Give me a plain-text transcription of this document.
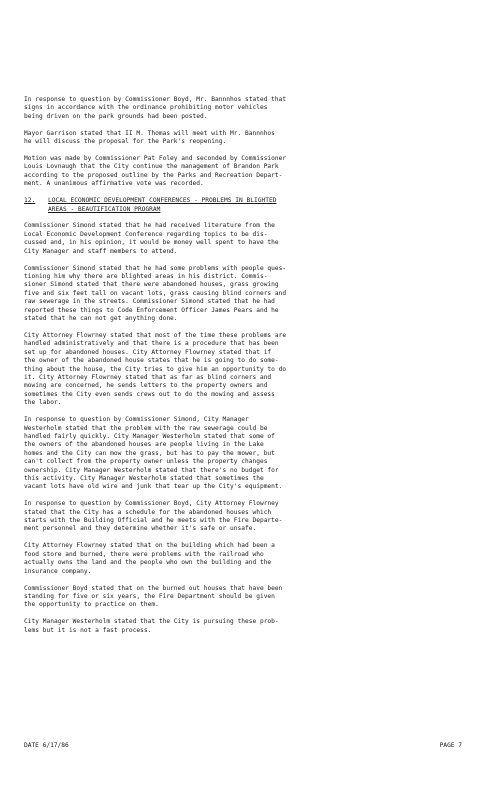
In response to question by Commissioner Boyd, Mr. Bannnhos stated that
signs in accordance with the ordinance prohibiting motor vehicles
being driven on the park grounds had been posted.

Mayor Garrison stated that II M. Thomas will meet with Mr. Bannnhos
he will discuss the proposal for the Park's reopening.

Motion was made by Commissioner Pat Foley and seconded by Commissioner
Louis Lovnaugh that the City continue the management of Brandon Park
according to the proposed outline by the Parks and Recreation Depart-
ment. A unanimous affirmative vote was recorded.

12.	LOCAL ECONOMIC DEVELOPMENT CONFERENCES - PROBLEMS IN BLIGHTED
AREAS - BEAUTIFICATION PROGRAM

Commissioner Simond stated that he had received literature from the
Local Economic Development Conference regarding topics to be dis-
cussed and, in his opinion, it would be money well spent to have the
City Manager and staff members to attend.

Commissioner Simond stated that he had some problems with people ques-
tioning him why there are blighted areas in his district. Commis-
sioner Simond stated that there were abandoned houses, grass growing
five and six feet tall on vacant lots, grass causing blind corners and
raw sewerage in the streets. Commissioner Simond stated that he had
reported these things to Code Enforcement Officer James Pears and he
stated that he can not get anything done.

City Attorney Flowrney stated that most of the time these problems are
handled administratively and that there is a procedure that has been
set up for abandoned houses. City Attorney Flowrney stated that if
the owner of the abandoned house states that he is going to do some-
thing about the house, the City tries to give him an opportunity to do
it. City Attorney Flowrney stated that as far as blind corners and
mowing are concerned, he sends letters to the property owners and
sometimes the City even sends crews out to do the mowing and assess
the labor.

In response to question by Commissioner Simond, City Manager
Westerholm stated that the problem with the raw sewerage could be
handled fairly quickly. City Manager Westerholm stated that some of
the owners of the abandoned houses are people living in the Lake
homes and the City can mow the grass, but has to pay the mower, but
can't collect from the property owner unless the property changes
ownership. City Manager Westerholm stated that there's no budget for
this activity. City Manager Westerholm stated that sometimes the
vacant lots have old wire and junk that tear up the City's equipment.

In response to question by Commissioner Boyd, City Attorney Flowrney
stated that the City has a schedule for the abandoned houses which
starts with the Building Official and he meets with the Fire Departe-
ment personnel and they determine whether it's safe or unsafe.

City Attorney Flowrney stated that on the building which had been a
food store and burned, there were problems with the railroad who
actually owns the land and the people who own the building and the
insurance company.

Commissioner Boyd stated that on the burned out houses that have been
standing for five or six years, the Fire Department should be given
the opportunity to practice on them.

City Manager Westerholm stated that the City is pursuing these prob-
lems but it is not a fast process.

DATE 6/17/86	PAGE 7
